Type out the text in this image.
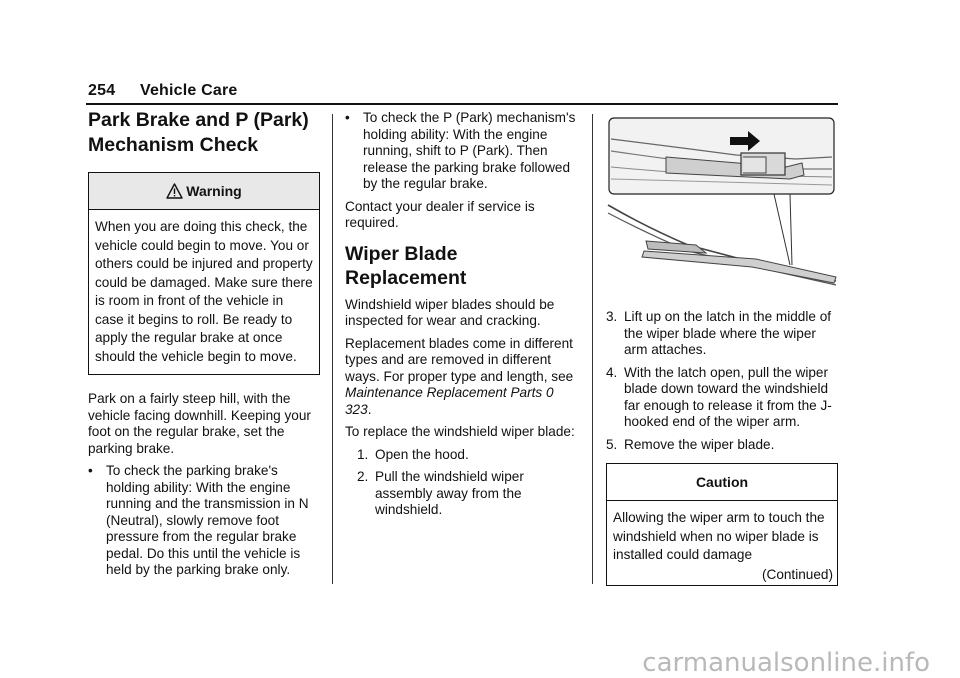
254 Vehicle Care
Park Brake and P (Park)
Mechanism Check
Warning
When you are doing this check, the vehicle could begin to move. You or others could be injured and property could be damaged. Make sure there is room in front of the vehicle in case it begins to roll. Be ready to apply the regular brake at once should the vehicle begin to move.

Park on a fairly steep hill, with the vehicle facing downhill. Keeping your foot on the regular brake, set the parking brake.

• To check the parking brake's holding ability: With the engine running and the transmission in N (Neutral), slowly remove foot pressure from the regular brake pedal. Do this until the vehicle is held by the parking brake only.
• To check the P (Park) mechanism's holding ability: With the engine running, shift to P (Park). Then release the parking brake followed by the regular brake.

Contact your dealer if service is required.

Wiper Blade Replacement

Windshield wiper blades should be inspected for wear and cracking.

Replacement blades come in different types and are removed in different ways. For proper type and length, see Maintenance Replacement Parts 0 323.

To replace the windshield wiper blade:

1. Open the hood.
2. Pull the windshield wiper assembly away from the windshield.
3. Lift up on the latch in the middle of the wiper blade where the wiper arm attaches.
4. With the latch open, pull the wiper blade down toward the windshield far enough to release it from the J-hooked end of the wiper arm.
5. Remove the wiper blade.
Caution
Allowing the wiper arm to touch the windshield when no wiper blade is installed could damage
(Continued)
carmanualsonline.info
